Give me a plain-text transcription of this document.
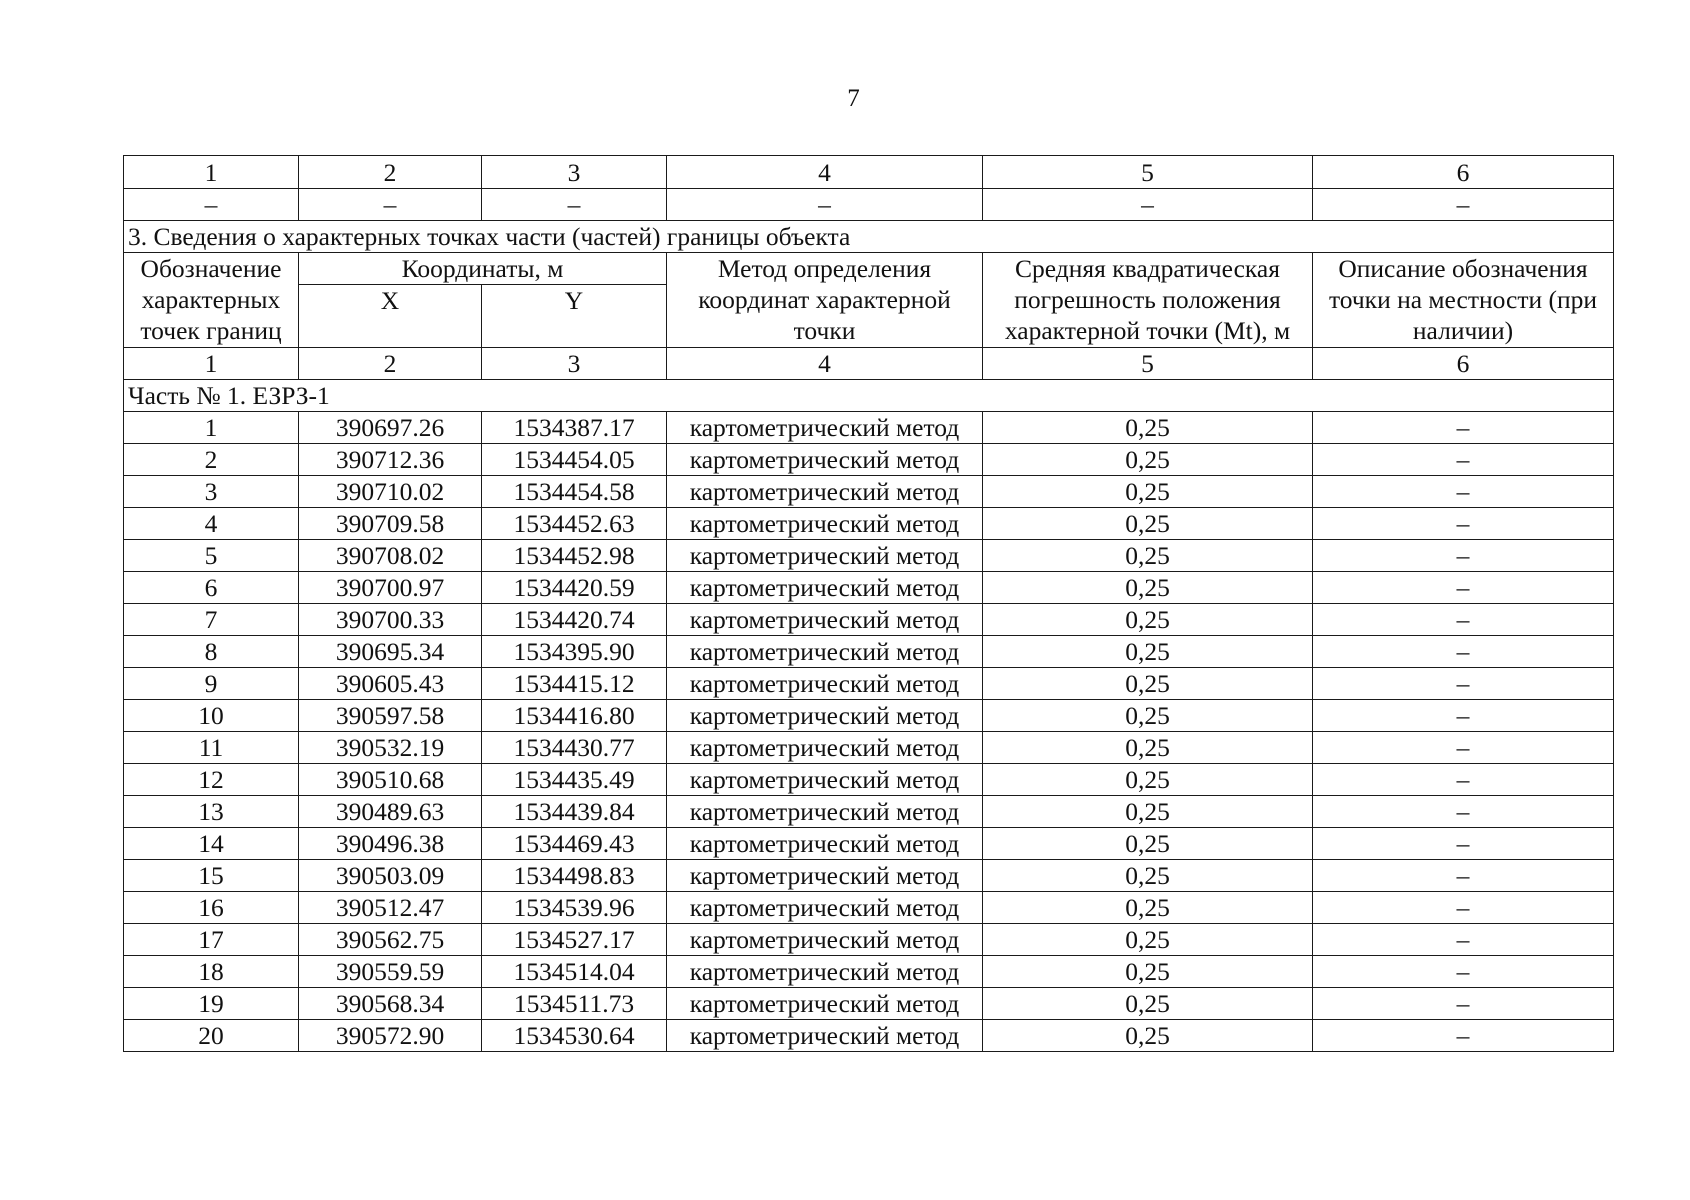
7
1	2	3	4	5	6
–	–	–	–	–	–
3. Сведения о характерных точках части (частей) границы объекта					
Обозначение характерных точек границ	Координаты, м		Метод определения координат характерной точки	Средняя квадратическая погрешность положения характерной точки (Mt), м	Описание обозначения точки на местности (при наличии)
	X	Y			
1	2	3	4	5	6
Часть № 1. ЕЗРЗ-1					
1	390697.26	1534387.17	картометрический метод	0,25	–
2	390712.36	1534454.05	картометрический метод	0,25	–
3	390710.02	1534454.58	картометрический метод	0,25	–
4	390709.58	1534452.63	картометрический метод	0,25	–
5	390708.02	1534452.98	картометрический метод	0,25	–
6	390700.97	1534420.59	картометрический метод	0,25	–
7	390700.33	1534420.74	картометрический метод	0,25	–
8	390695.34	1534395.90	картометрический метод	0,25	–
9	390605.43	1534415.12	картометрический метод	0,25	–
10	390597.58	1534416.80	картометрический метод	0,25	–
11	390532.19	1534430.77	картометрический метод	0,25	–
12	390510.68	1534435.49	картометрический метод	0,25	–
13	390489.63	1534439.84	картометрический метод	0,25	–
14	390496.38	1534469.43	картометрический метод	0,25	–
15	390503.09	1534498.83	картометрический метод	0,25	–
16	390512.47	1534539.96	картометрический метод	0,25	–
17	390562.75	1534527.17	картометрический метод	0,25	–
18	390559.59	1534514.04	картометрический метод	0,25	–
19	390568.34	1534511.73	картометрический метод	0,25	–
20	390572.90	1534530.64	картометрический метод	0,25	–
